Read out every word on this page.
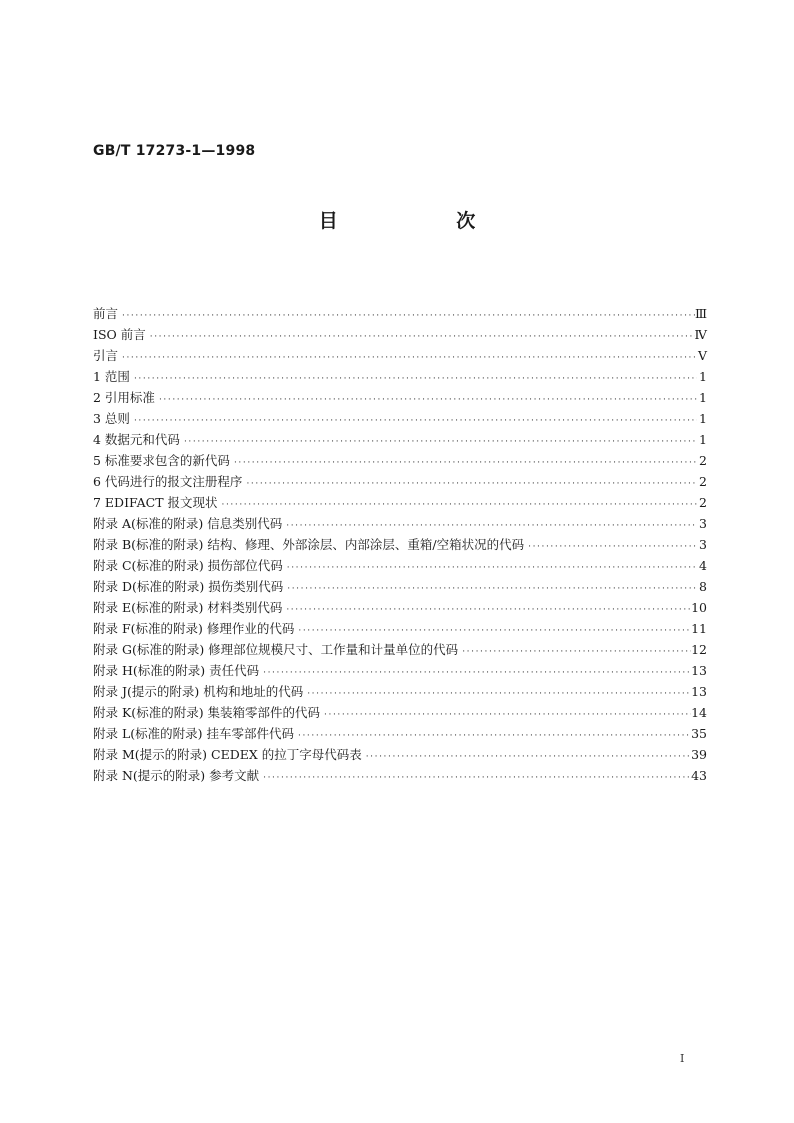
GB/T 17273-1—1998
目 次
前言 ·····	Ⅲ
ISO 前言 ·····	Ⅳ
引言 ·····	Ⅴ
1 范围 ·····	1
2 引用标准 ·····	1
3 总则 ·····	1
4 数据元和代码 ·····	1
5 标准要求包含的新代码 ·····	2
6 代码进行的报文注册程序 ·····	2
7 EDIFACT 报文现状 ·····	2
附录 A(标准的附录) 信息类别代码 ·····	3
附录 B(标准的附录) 结构、修理、外部涂层、内部涂层、重箱/空箱状况的代码 ·····	3
附录 C(标准的附录) 损伤部位代码 ·····	4
附录 D(标准的附录) 损伤类别代码 ·····	8
附录 E(标准的附录) 材料类别代码 ·····	10
附录 F(标准的附录) 修理作业的代码 ·····	11
附录 G(标准的附录) 修理部位规模尺寸、工作量和计量单位的代码 ·····	12
附录 H(标准的附录) 责任代码 ·····	13
附录 J(提示的附录) 机构和地址的代码 ·····	13
附录 K(标准的附录) 集装箱零部件的代码 ·····	14
附录 L(标准的附录) 挂车零部件代码 ·····	35
附录 M(提示的附录) CEDEX 的拉丁字母代码表 ·····	39
附录 N(提示的附录) 参考文献 ·····	43
I
